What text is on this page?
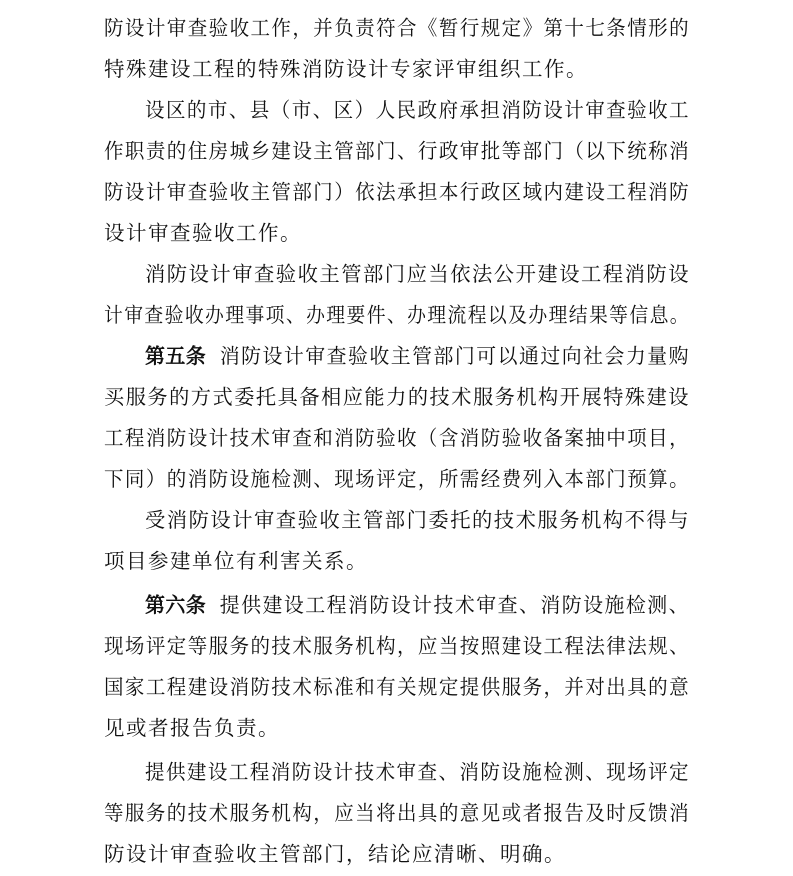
防设计审查验收工作，并负责符合《暂行规定》第十七条情形的
特殊建设工程的特殊消防设计专家评审组织工作。
设区的市、县（市、区）人民政府承担消防设计审查验收工
作职责的住房城乡建设主管部门、行政审批等部门（以下统称消
防设计审查验收主管部门）依法承担本行政区域内建设工程消防
设计审查验收工作。
消防设计审查验收主管部门应当依法公开建设工程消防设
计审查验收办理事项、办理要件、办理流程以及办理结果等信息。
第五条 消防设计审查验收主管部门可以通过向社会力量购
买服务的方式委托具备相应能力的技术服务机构开展特殊建设
工程消防设计技术审查和消防验收（含消防验收备案抽中项目，
下同）的消防设施检测、现场评定，所需经费列入本部门预算。
受消防设计审查验收主管部门委托的技术服务机构不得与
项目参建单位有利害关系。
第六条 提供建设工程消防设计技术审查、消防设施检测、
现场评定等服务的技术服务机构，应当按照建设工程法律法规、
国家工程建设消防技术标准和有关规定提供服务，并对出具的意
见或者报告负责。
提供建设工程消防设计技术审查、消防设施检测、现场评定
等服务的技术服务机构，应当将出具的意见或者报告及时反馈消
防设计审查验收主管部门，结论应清晰、明确。
